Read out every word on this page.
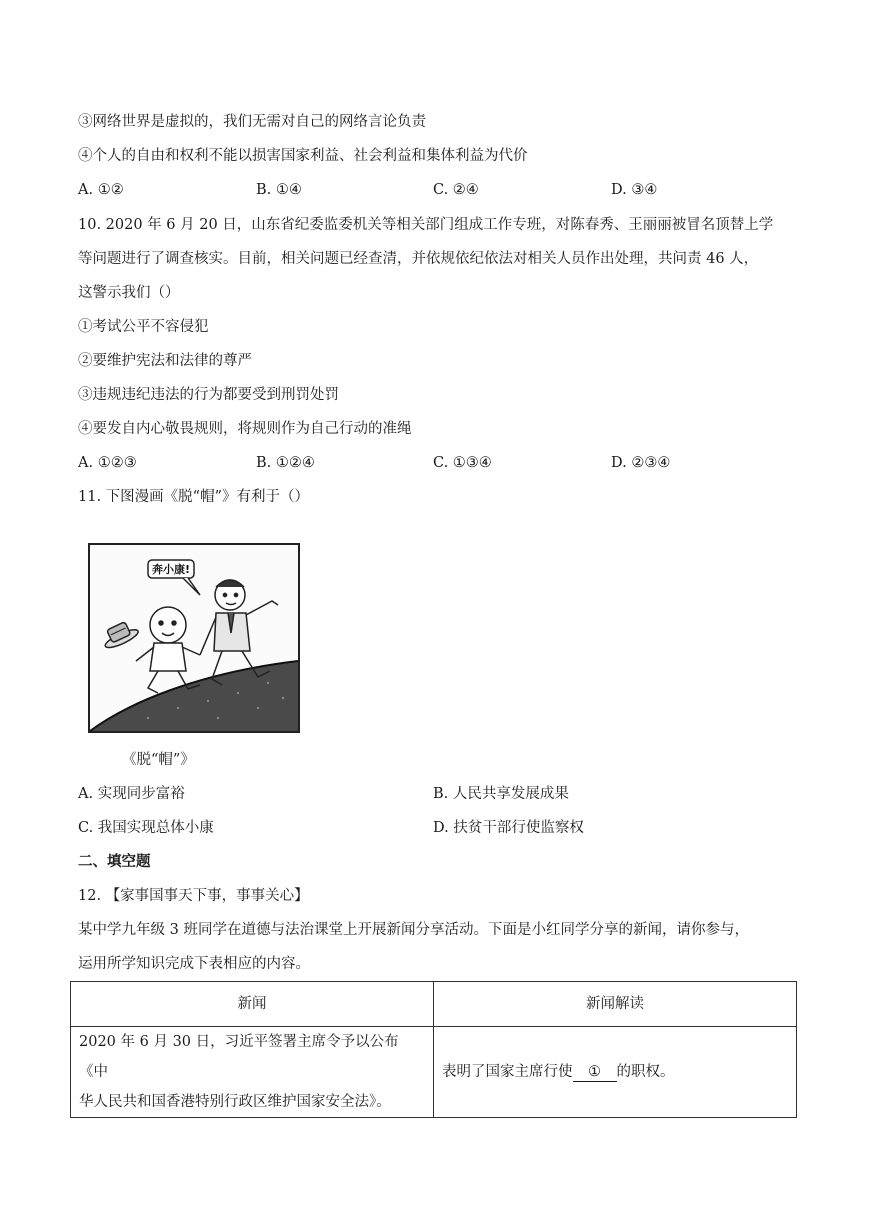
③网络世界是虚拟的，我们无需对自己的网络言论负责
④个人的自由和权利不能以损害国家利益、社会利益和集体利益为代价
A. ①②	B. ①④	C. ②④	D. ③④
10. 2020 年 6 月 20 日，山东省纪委监委机关等相关部门组成工作专班，对陈春秀、王丽丽被冒名顶替上学
等问题进行了调查核实。目前，相关问题已经查清，并依规依纪依法对相关人员作出处理，共问责 46 人，
这警示我们（）
①考试公平不容侵犯
②要维护宪法和法律的尊严
③违规违纪违法的行为都要受到刑罚处罚
④要发自内心敬畏规则，将规则作为自己行动的准绳
A. ①②③	B. ①②④	C. ①③④	D. ②③④
11. 下图漫画《脱“帽”》有利于（）
奔小康!
《脱“帽”》
A. 实现同步富裕	B. 人民共享发展成果
C. 我国实现总体小康	D. 扶贫干部行使监察权
二、填空题
12. 【家事国事天下事，事事关心】
某中学九年级 3 班同学在道德与法治课堂上开展新闻分享活动。下面是小红同学分享的新闻，请你参与，
运用所学知识完成下表相应的内容。
新闻	新闻解读

2020 年 6 月 30 日，习近平签署主席令予以公布《中
华人民共和国香港特别行政区维护国家安全法》。	表明了国家主席行使 ① 的职权。
